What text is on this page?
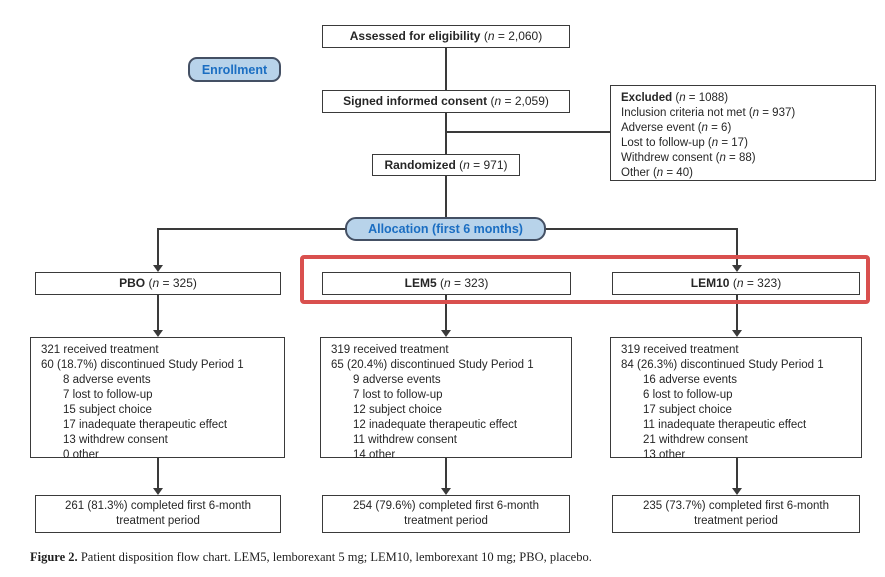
Assessed for eligibility (n = 2,060)
Enrollment
Signed informed consent (n = 2,059)	Excluded (n = 1088)
Inclusion criteria not met (n = 937)
Adverse event (n = 6)
Lost to follow-up (n = 17)
Withdrew consent (n = 88)
Other (n = 40)
Randomized (n = 971)
Allocation (first 6 months)
PBO (n = 325)	LEM5 (n = 323)	LEM10 (n = 323)
321 received treatment
60 (18.7%) discontinued Study Period 1
8 adverse events
7 lost to follow-up
15 subject choice
17 inadequate therapeutic effect
13 withdrew consent
0 other
319 received treatment
65 (20.4%) discontinued Study Period 1
9 adverse events
7 lost to follow-up
12 subject choice
12 inadequate therapeutic effect
11 withdrew consent
14 other
319 received treatment
84 (26.3%) discontinued Study Period 1
16 adverse events
6 lost to follow-up
17 subject choice
11 inadequate therapeutic effect
21 withdrew consent
13 other
261 (81.3%) completed first 6-month treatment period
254 (79.6%) completed first 6-month treatment period
235 (73.7%) completed first 6-month treatment period
Figure 2. Patient disposition flow chart. LEM5, lemborexant 5 mg; LEM10, lemborexant 10 mg; PBO, placebo.
